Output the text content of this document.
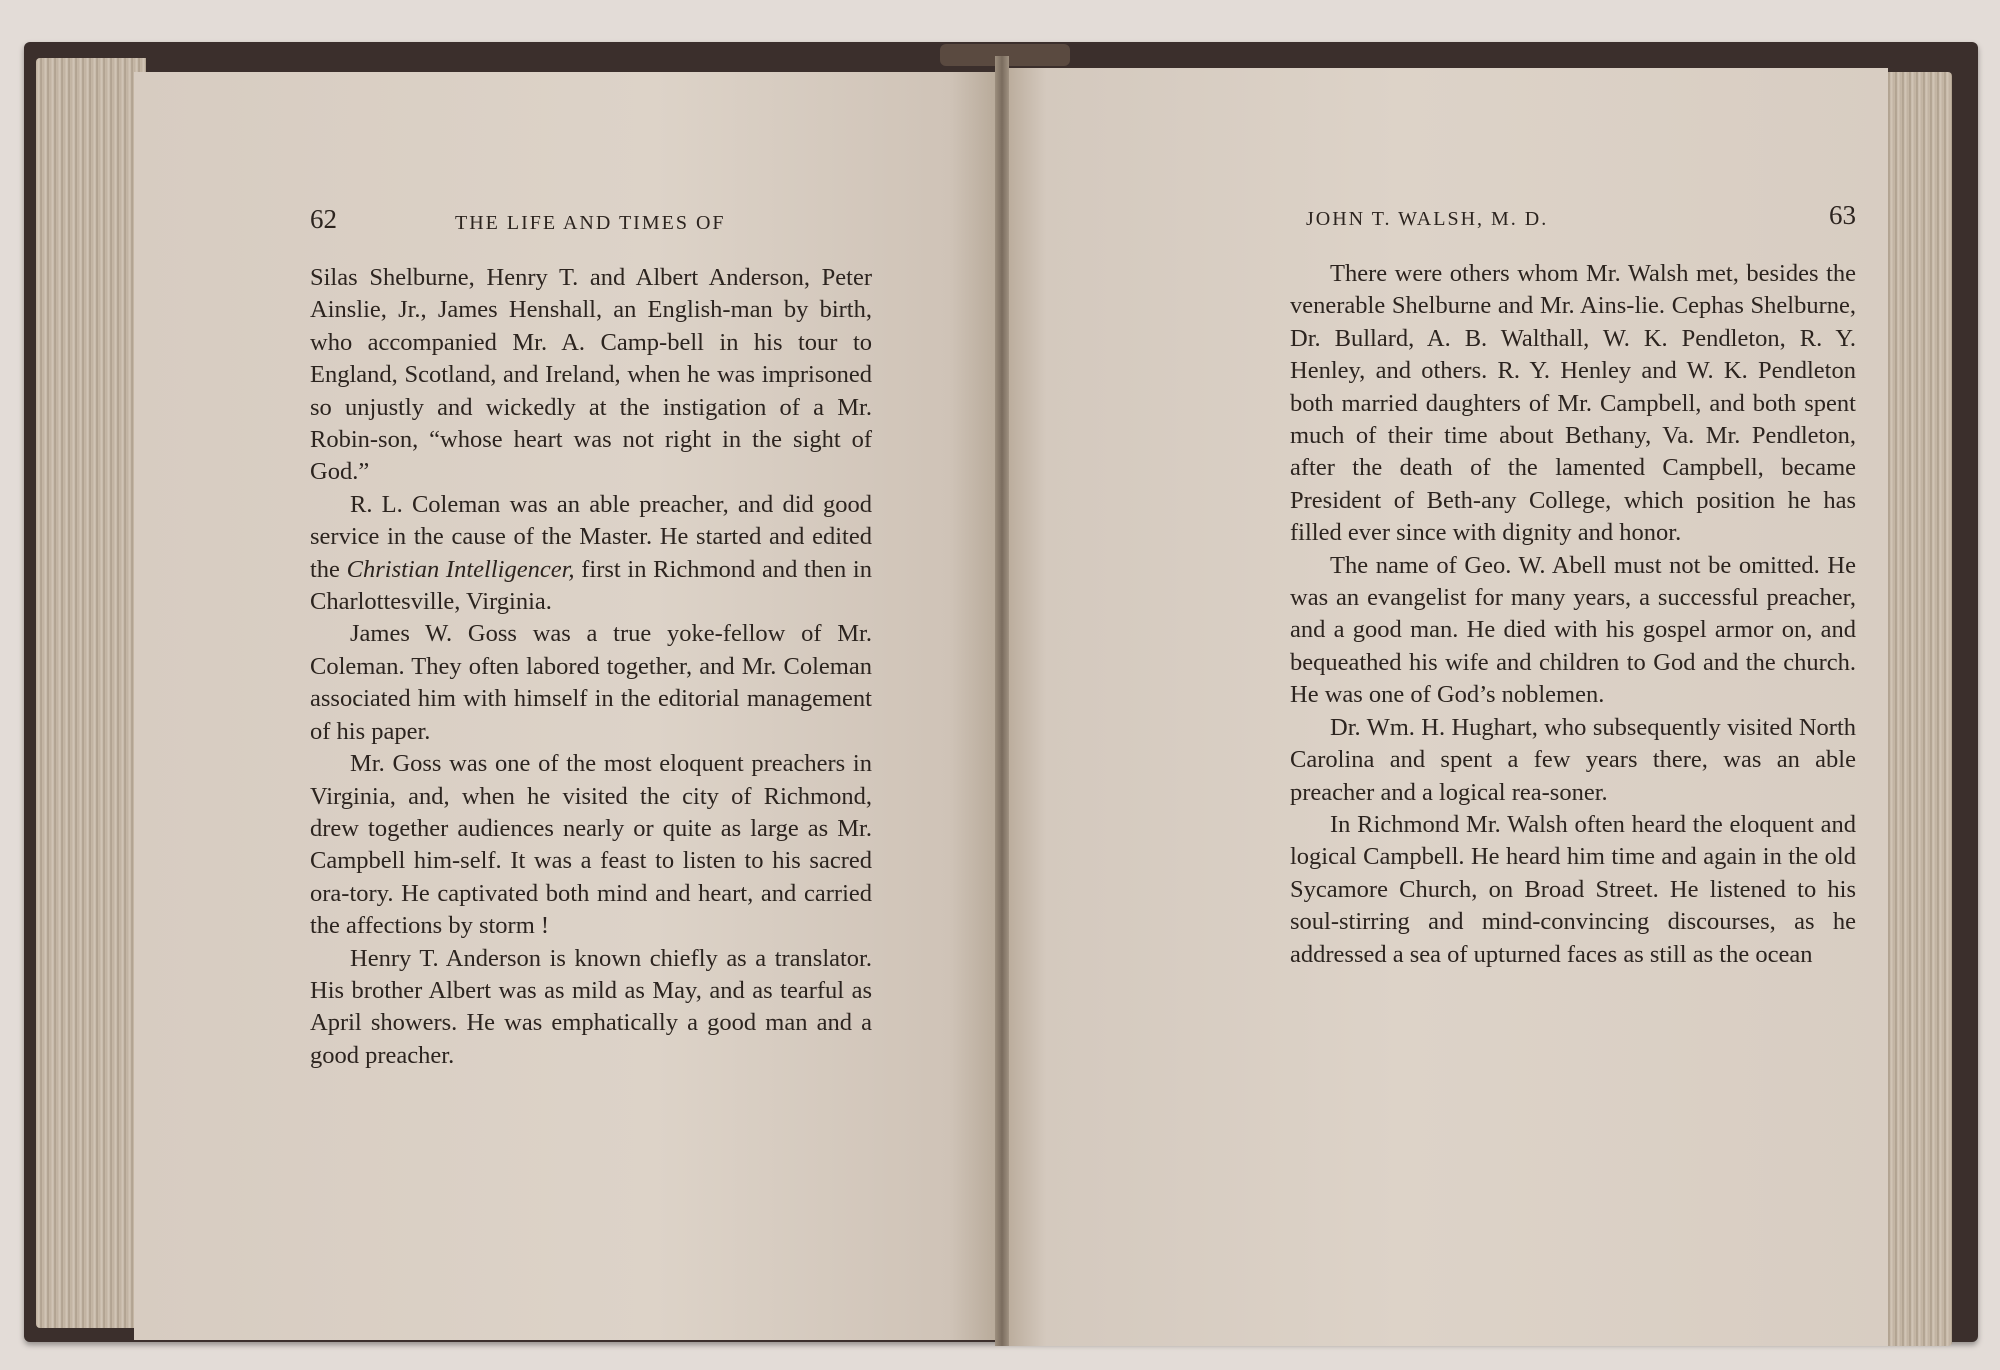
62	THE LIFE AND TIMES OF

Silas Shelburne, Henry T. and Albert Anderson, Peter Ainslie, Jr., James Henshall, an English-man by birth, who accompanied Mr. A. Camp-bell in his tour to England, Scotland, and Ireland, when he was imprisoned so unjustly and wickedly at the instigation of a Mr. Robin-son, “whose heart was not right in the sight of God.”

R. L. Coleman was an able preacher, and did good service in the cause of the Master. He started and edited the Christian Intelligencer, first in Richmond and then in Charlottesville, Virginia.

James W. Goss was a true yoke-fellow of Mr. Coleman. They often labored together, and Mr. Coleman associated him with himself in the editorial management of his paper.

Mr. Goss was one of the most eloquent preachers in Virginia, and, when he visited the city of Richmond, drew together audiences nearly or quite as large as Mr. Campbell him-self. It was a feast to listen to his sacred ora-tory. He captivated both mind and heart, and carried the affections by storm !

Henry T. Anderson is known chiefly as a translator. His brother Albert was as mild as May, and as tearful as April showers. He was emphatically a good man and a good preacher.

JOHN T. WALSH, M. D.	63

There were others whom Mr. Walsh met, besides the venerable Shelburne and Mr. Ains-lie. Cephas Shelburne, Dr. Bullard, A. B. Walthall, W. K. Pendleton, R. Y. Henley, and others. R. Y. Henley and W. K. Pendleton both married daughters of Mr. Campbell, and both spent much of their time about Bethany, Va. Mr. Pendleton, after the death of the lamented Campbell, became President of Beth-any College, which position he has filled ever since with dignity and honor.

The name of Geo. W. Abell must not be omitted. He was an evangelist for many years, a successful preacher, and a good man. He died with his gospel armor on, and bequeathed his wife and children to God and the church. He was one of God’s noblemen.

Dr. Wm. H. Hughart, who subsequently visited North Carolina and spent a few years there, was an able preacher and a logical rea-soner.

In Richmond Mr. Walsh often heard the eloquent and logical Campbell. He heard him time and again in the old Sycamore Church, on Broad Street. He listened to his soul-stirring and mind-convincing discourses, as he addressed a sea of upturned faces as still as the ocean
